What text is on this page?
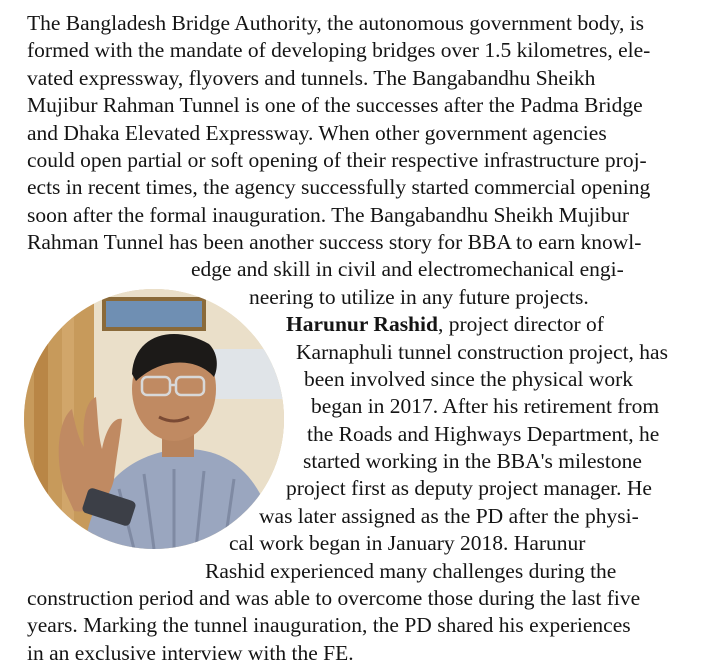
The Bangladesh Bridge Authority, the autonomous government body, is
formed with the mandate of developing bridges over 1.5 kilometres, ele-
vated expressway, flyovers and tunnels. The Bangabandhu Sheikh
Mujibur Rahman Tunnel is one of the successes after the Padma Bridge
and Dhaka Elevated Expressway. When other government agencies
could open partial or soft opening of their respective infrastructure proj-
ects in recent times, the agency successfully started commercial opening
soon after the formal inauguration. The Bangabandhu Sheikh Mujibur
Rahman Tunnel has been another success story for BBA to earn knowl-
edge and skill in civil and electromechanical engi-
neering to utilize in any future projects.
Harunur Rashid, project director of
Karnaphuli tunnel construction project, has
been involved since the physical work
began in 2017. After his retirement from
the Roads and Highways Department, he
started working in the BBA's milestone
project first as deputy project manager. He
was later assigned as the PD after the physi-
cal work began in January 2018. Harunur
Rashid experienced many challenges during the
construction period and was able to overcome those during the last five
years. Marking the tunnel inauguration, the PD shared his experiences
in an exclusive interview with the FE.
